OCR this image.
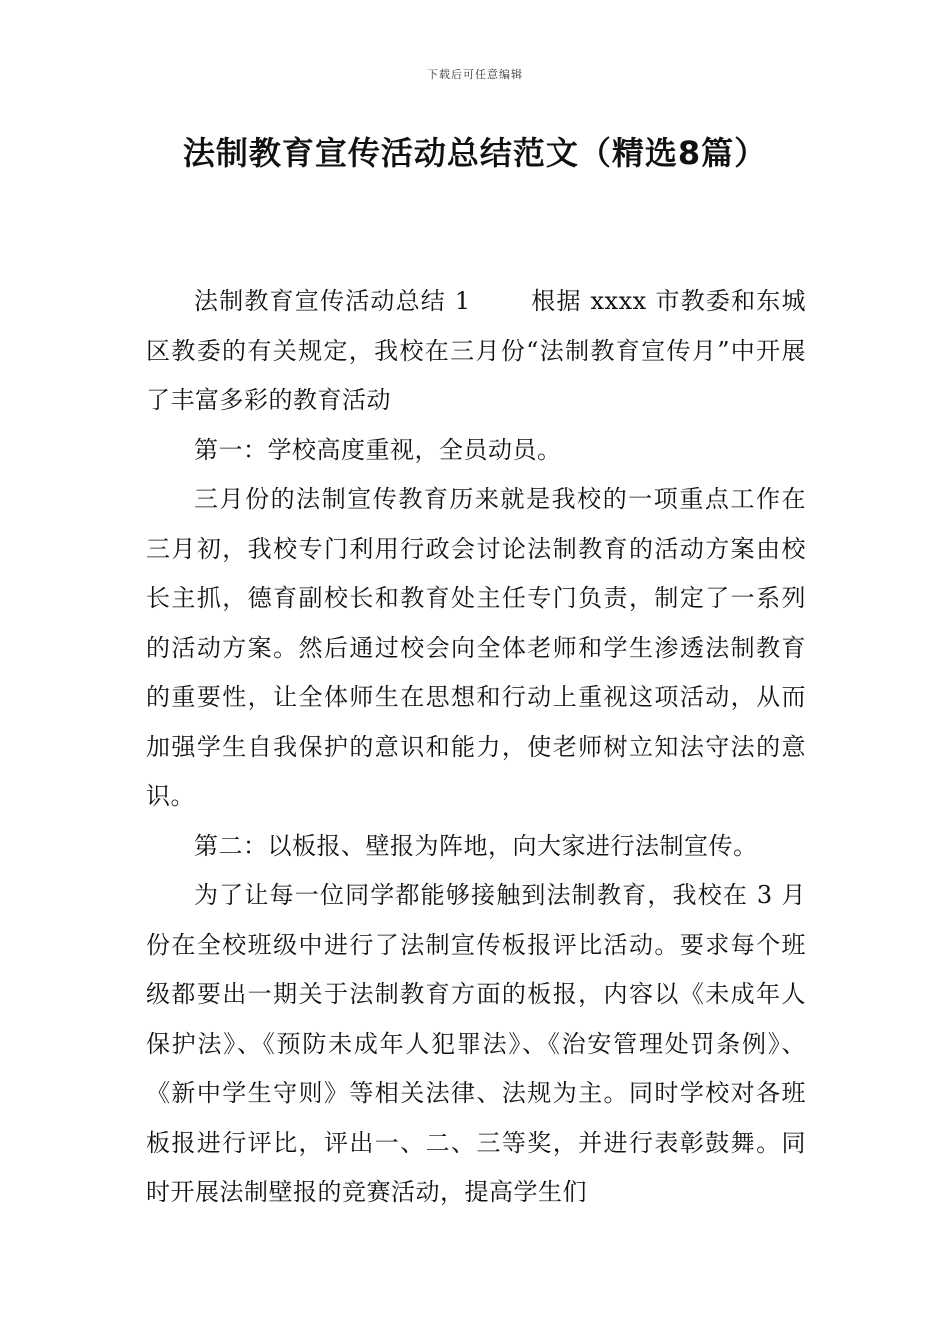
下载后可任意编辑
法制教育宣传活动总结范文（精选8篇）

法制教育宣传活动总结 1	根据 xxxx 市教委和东城区教委的有关规定，我校在三月份“法制教育宣传月”中开展了丰富多彩的教育活动

第一：学校高度重视，全员动员。

三月份的法制宣传教育历来就是我校的一项重点工作在三月初，我校专门利用行政会讨论法制教育的活动方案由校长主抓，德育副校长和教育处主任专门负责，制定了一系列的活动方案。然后通过校会向全体老师和学生渗透法制教育的重要性，让全体师生在思想和行动上重视这项活动，从而加强学生自我保护的意识和能力，使老师树立知法守法的意识。

第二：以板报、壁报为阵地，向大家进行法制宣传。

为了让每一位同学都能够接触到法制教育，我校在 3 月份在全校班级中进行了法制宣传板报评比活动。要求每个班级都要出一期关于法制教育方面的板报，内容以《未成年人保护法》、《预防未成年人犯罪法》、《治安管理处罚条例》、《新中学生守则》等相关法律、法规为主。同时学校对各班板报进行评比，评出一、二、三等奖，并进行表彰鼓舞。同时开展法制壁报的竞赛活动，提高学生们
